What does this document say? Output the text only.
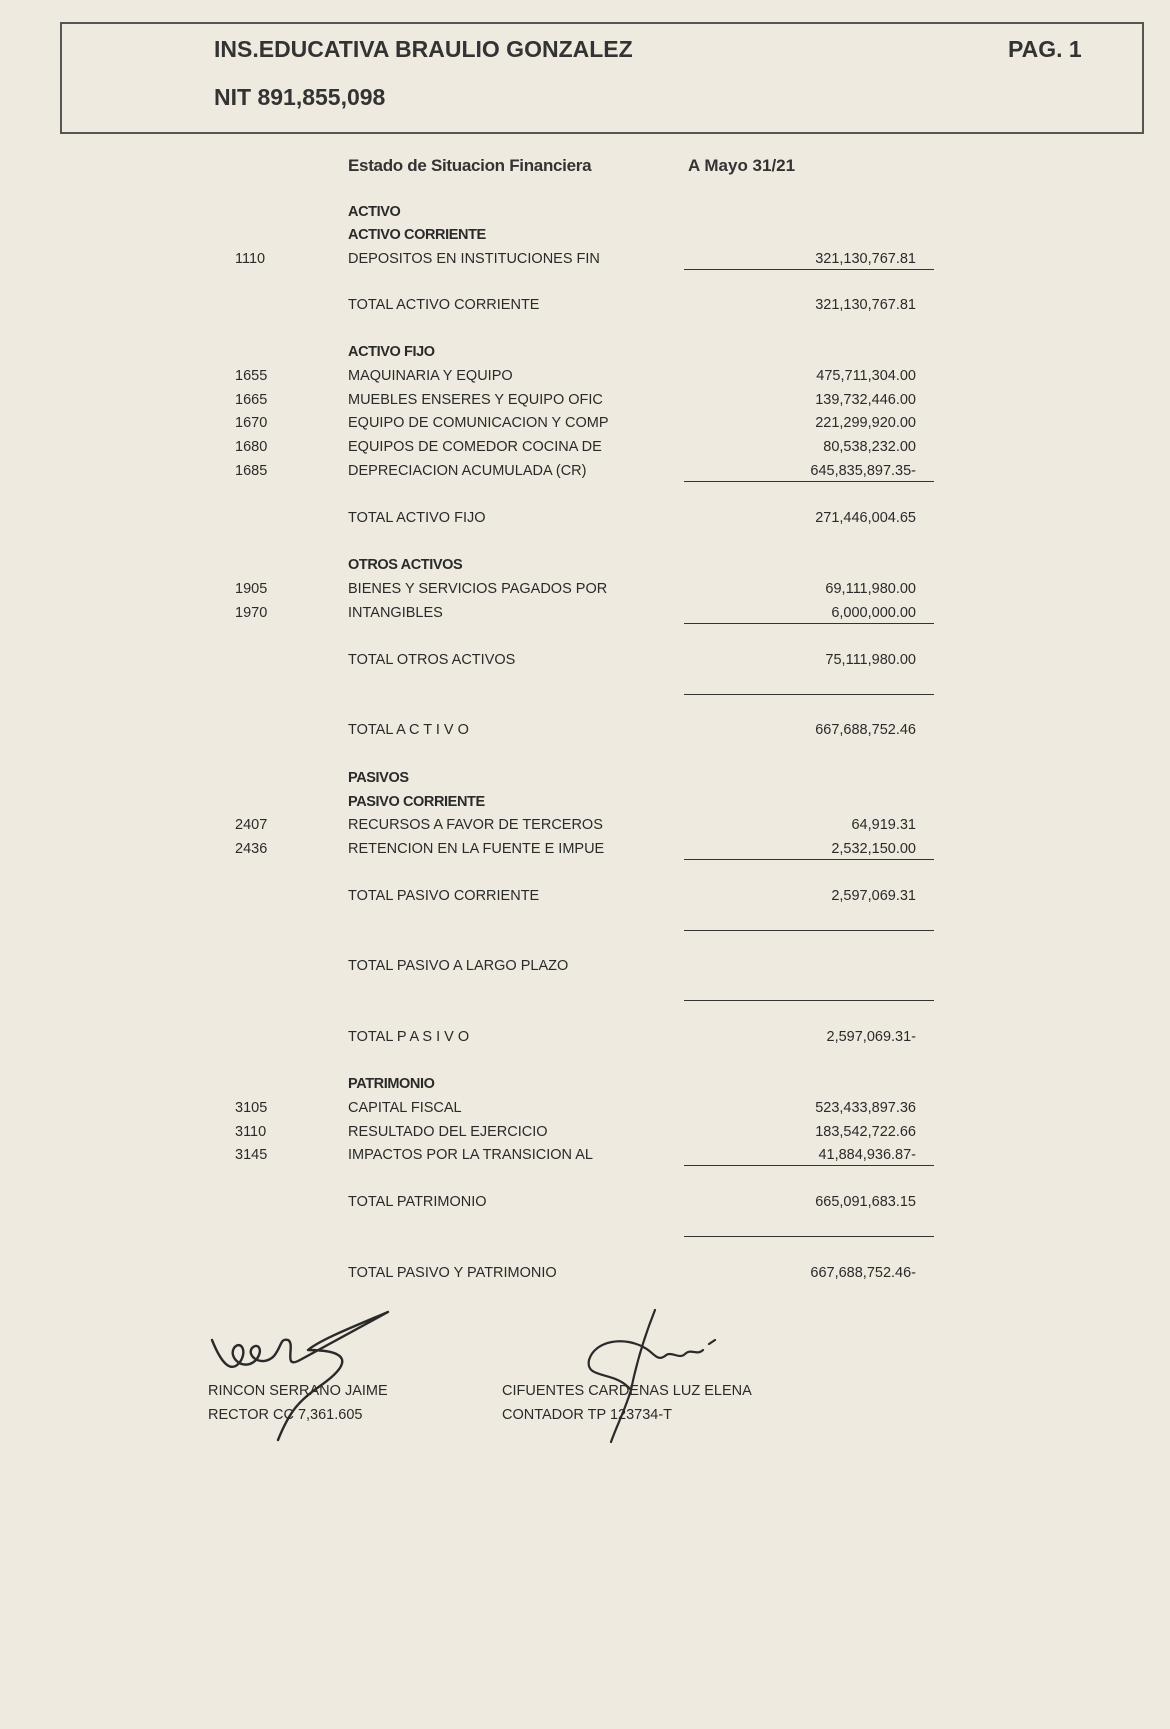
INS.EDUCATIVA BRAULIO GONZALEZ
NIT 891,855,098
PAG. 1
Estado de Situacion Financiera	A Mayo 31/21
ACTIVO
ACTIVO CORRIENTE
1110	DEPOSITOS EN INSTITUCIONES FIN	321,130,767.81
TOTAL ACTIVO CORRIENTE	321,130,767.81
ACTIVO FIJO
1655	MAQUINARIA Y EQUIPO	475,711,304.00
1665	MUEBLES ENSERES Y EQUIPO OFIC	139,732,446.00
1670	EQUIPO DE COMUNICACION Y COMP	221,299,920.00
1680	EQUIPOS DE COMEDOR COCINA DE	80,538,232.00
1685	DEPRECIACION ACUMULADA (CR)	645,835,897.35-
TOTAL ACTIVO FIJO	271,446,004.65
OTROS ACTIVOS
1905	BIENES Y SERVICIOS PAGADOS POR	69,111,980.00
1970	INTANGIBLES	6,000,000.00
TOTAL OTROS ACTIVOS	75,111,980.00
TOTAL A C T I V O	667,688,752.46
PASIVOS
PASIVO CORRIENTE
2407	RECURSOS A FAVOR DE TERCEROS	64,919.31
2436	RETENCION EN LA FUENTE E IMPUE	2,532,150.00
TOTAL PASIVO CORRIENTE	2,597,069.31
TOTAL PASIVO A LARGO PLAZO
TOTAL P A S I V O	2,597,069.31-
PATRIMONIO
3105	CAPITAL FISCAL	523,433,897.36
3110	RESULTADO DEL EJERCICIO	183,542,722.66
3145	IMPACTOS POR LA TRANSICION AL	41,884,936.87-
TOTAL PATRIMONIO	665,091,683.15
TOTAL PASIVO Y PATRIMONIO	667,688,752.46-
RINCON SERRANO JAIME
RECTOR CC 7,361.605
CIFUENTES CARDENAS LUZ ELENA
CONTADOR TP 123734-T
